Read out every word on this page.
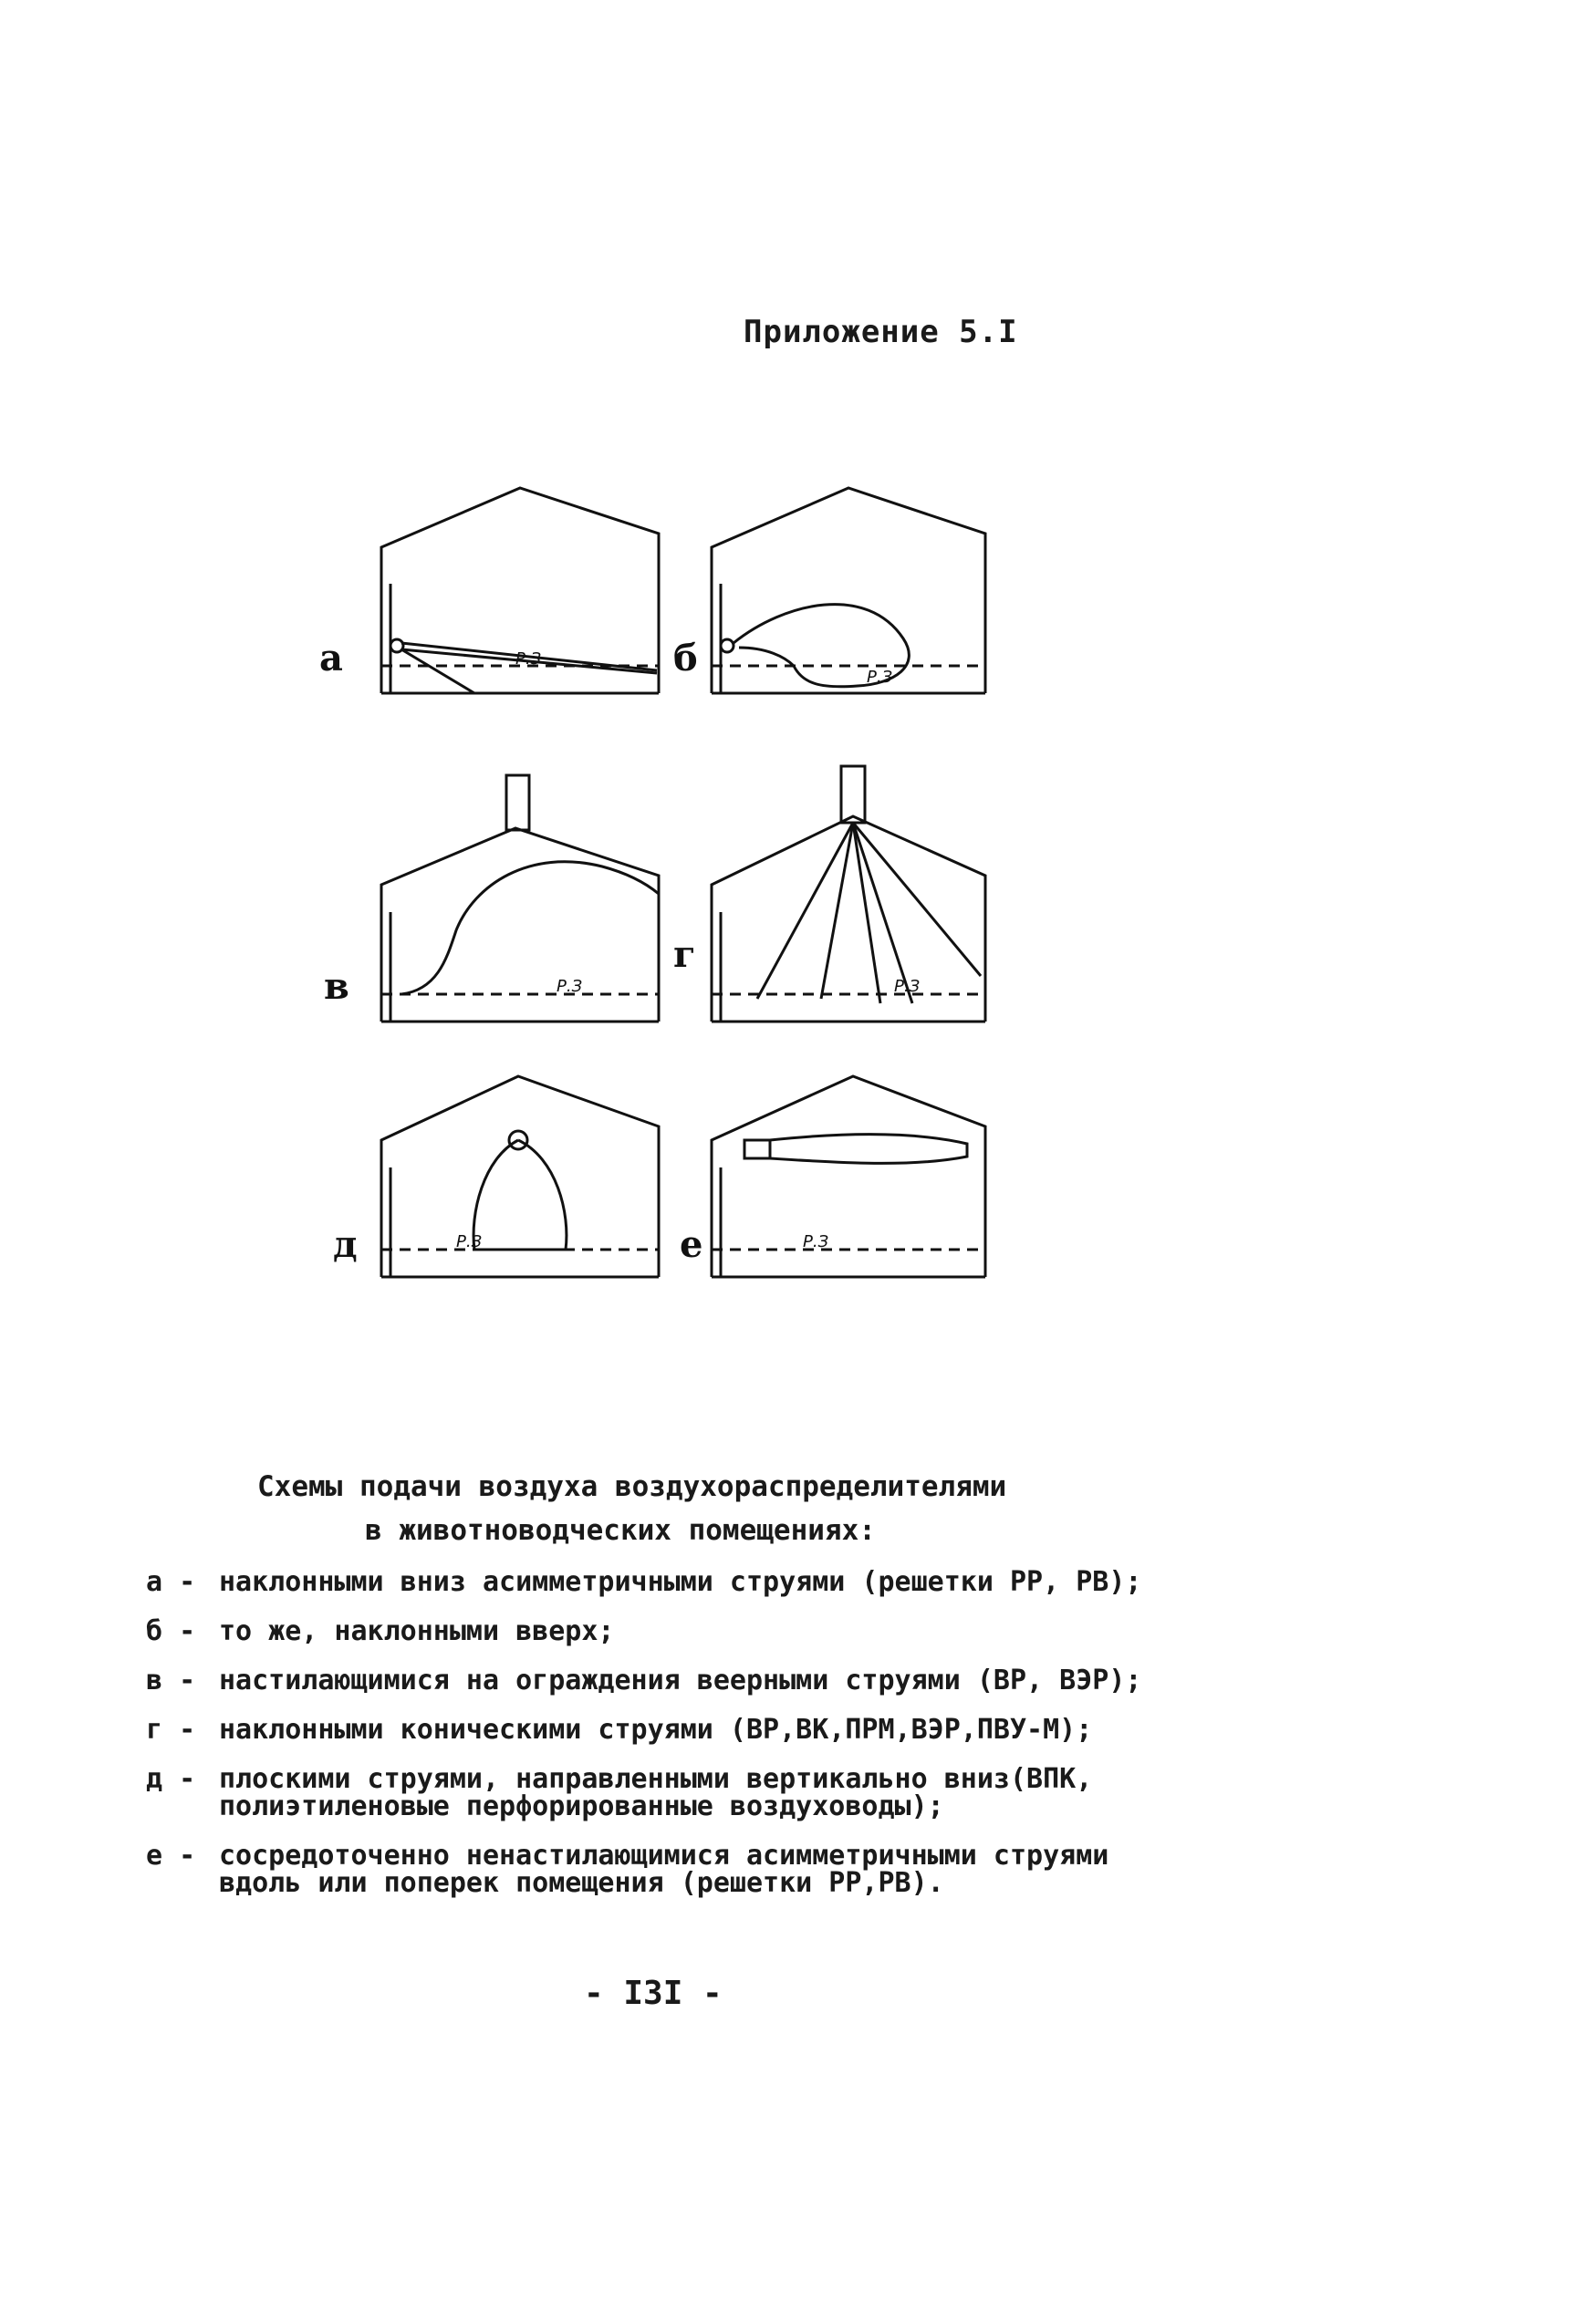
Приложение 5.I
а	б
в
г
д	е
Р.З
Р.З
Р.З	Р.З
Р.З	Р.З
Схемы подачи воздуха воздухораспределителями
в животноводческих помещениях:
а - наклонными вниз асимметричными струями (решетки РР, РВ);
б - то же, наклонными вверх;
в - настилающимися на ограждения веерными струями (ВР, ВЭР);
г - наклонными коническими струями (ВР,ВК,ПРМ,ВЭР,ПВУ-М);
д - плоскими струями, направленными вертикально вниз(ВПК, полиэтиленовые перфорированные воздуховоды);
е - сосредоточенно ненастилающимися асимметричными струями вдоль или поперек помещения (решетки РР,РВ).
- I3I -
